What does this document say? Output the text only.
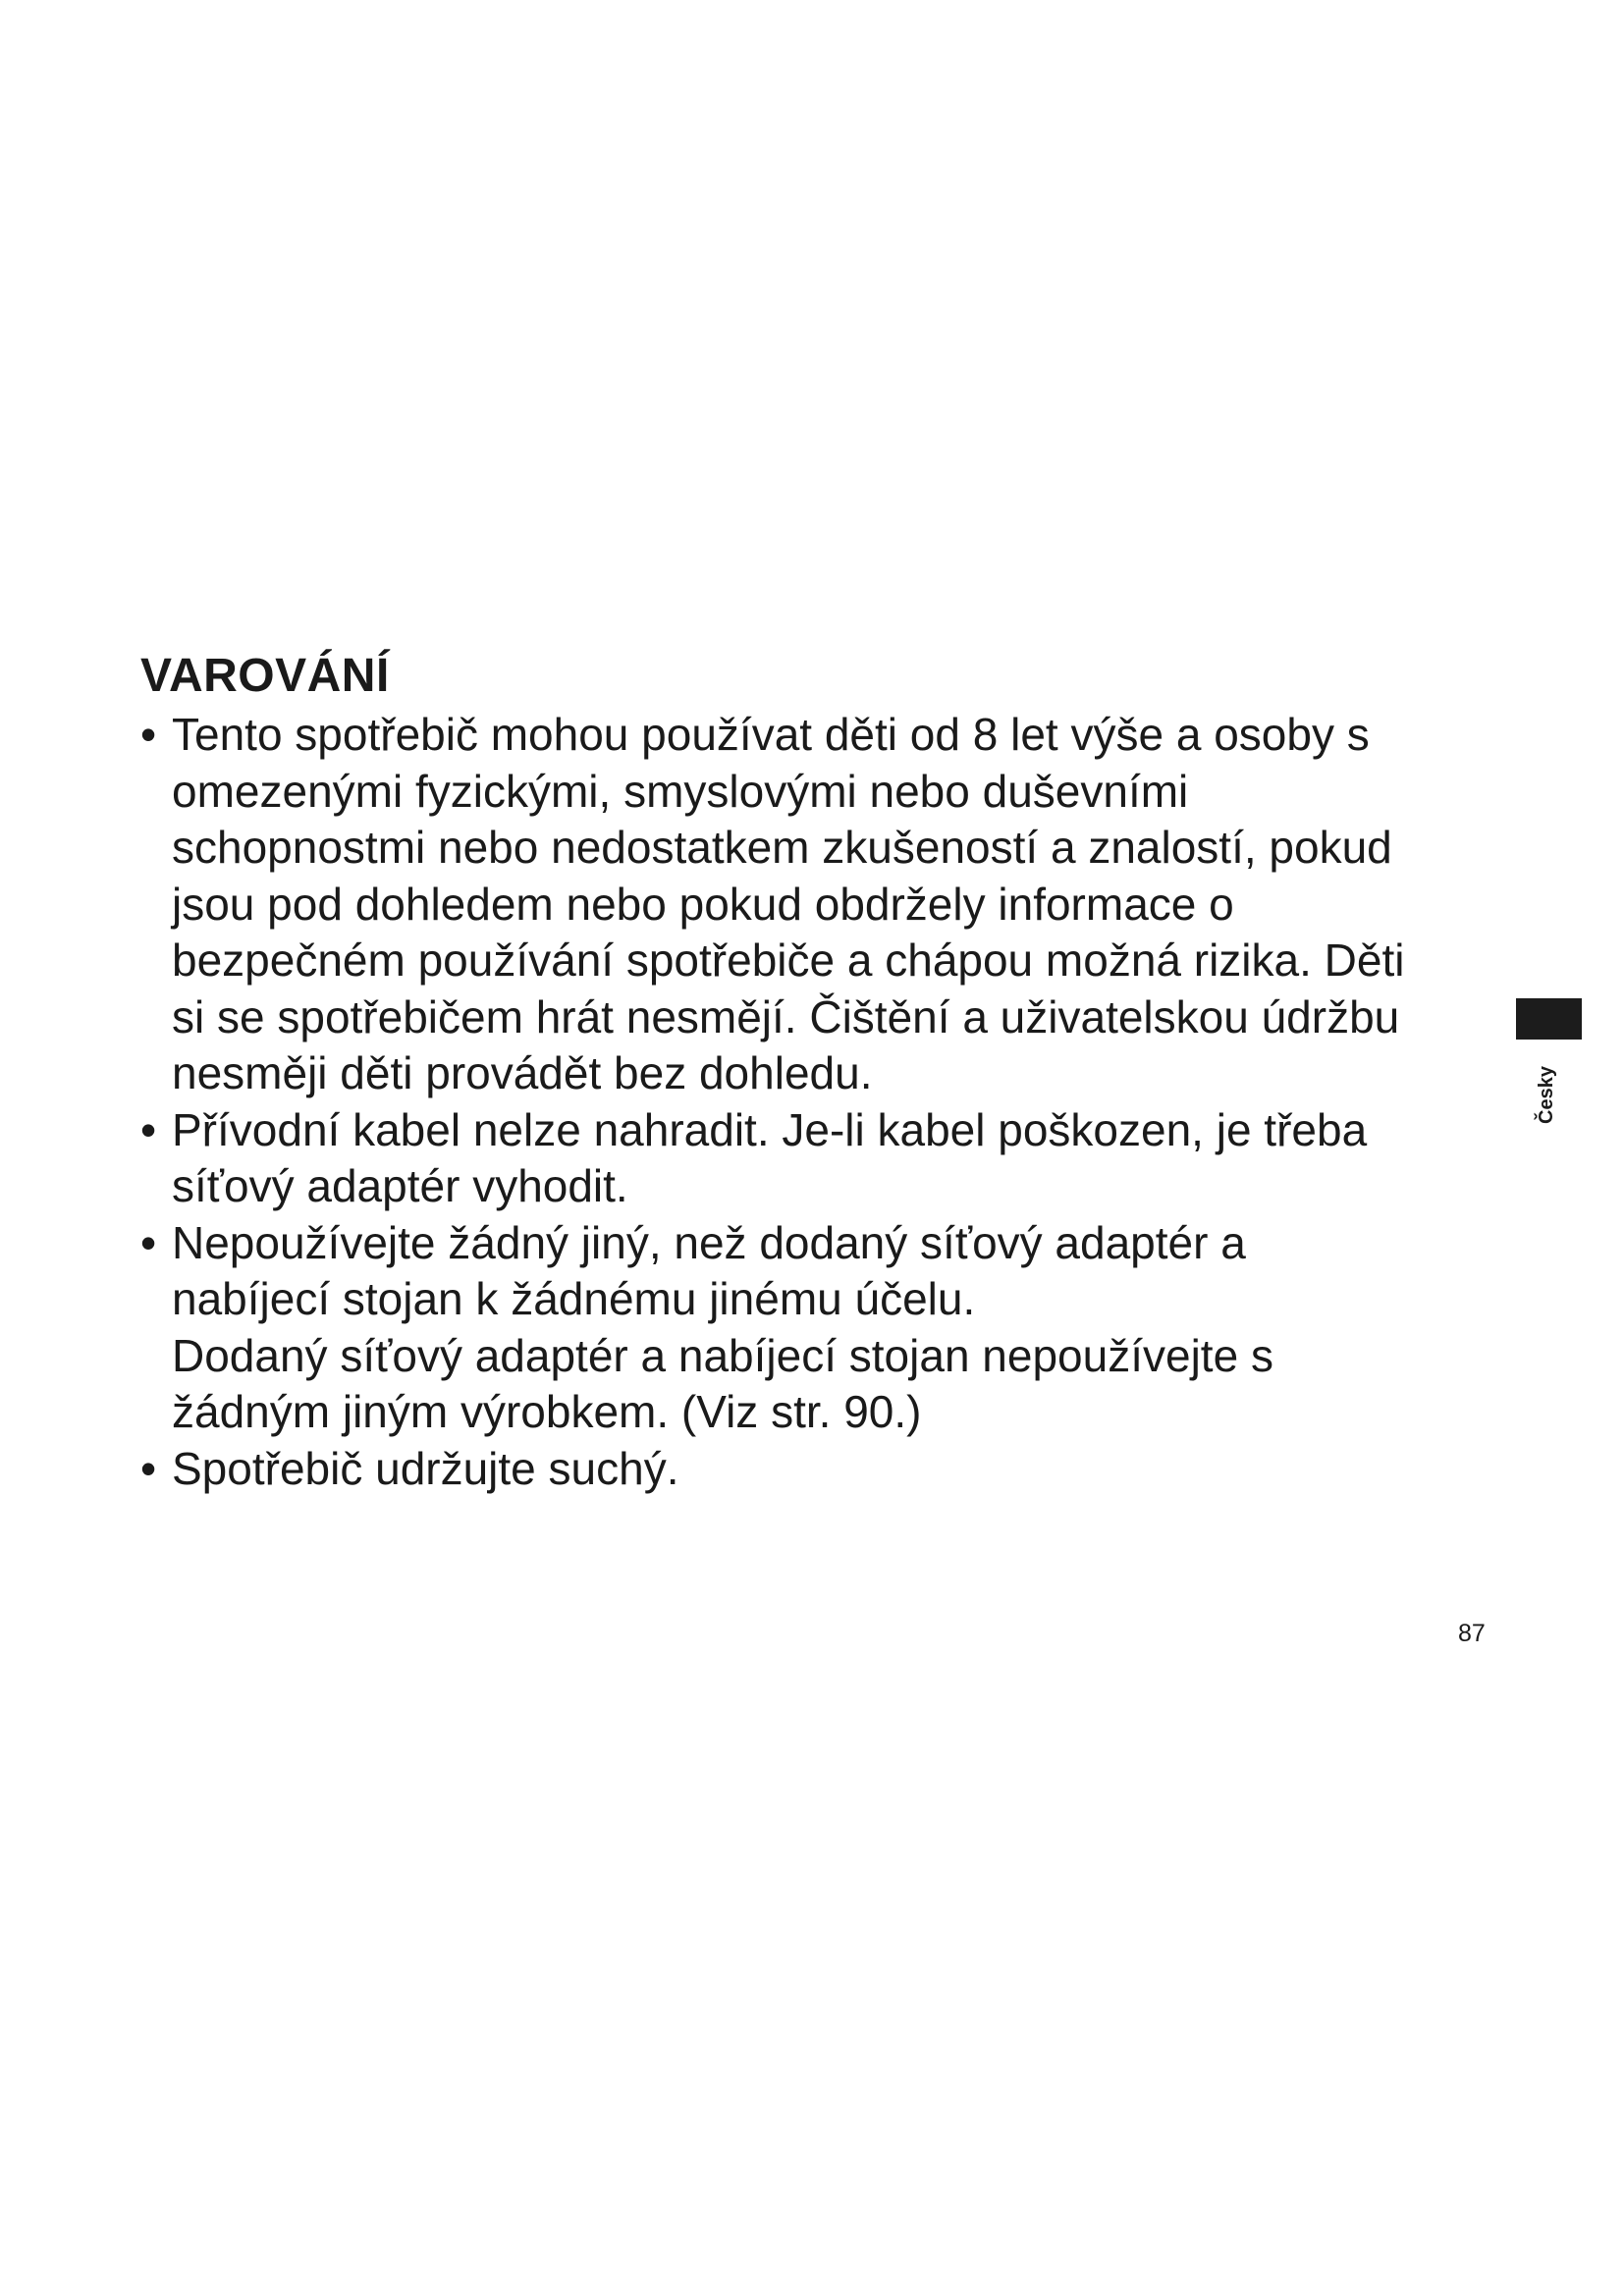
VAROVÁNÍ
• Tento spotřebič mohou používat děti od 8 let výše a osoby s
omezenými fyzickými, smyslovými nebo duševními
schopnostmi nebo nedostatkem zkušeností a znalostí, pokud
jsou pod dohledem nebo pokud obdržely informace o
bezpečném používání spotřebiče a chápou možná rizika. Děti
si se spotřebičem hrát nesmějí. Čištění a uživatelskou údržbu
nesměji děti provádět bez dohledu.
• Přívodní kabel nelze nahradit. Je-li kabel poškozen, je třeba
síťový adaptér vyhodit.
• Nepoužívejte žádný jiný, než dodaný síťový adaptér a
nabíjecí stojan k žádnému jinému účelu.
Dodaný síťový adaptér a nabíjecí stojan nepoužívejte s
žádným jiným výrobkem. (Viz str. 90.)
• Spotřebič udržujte suchý.
Česky
87
